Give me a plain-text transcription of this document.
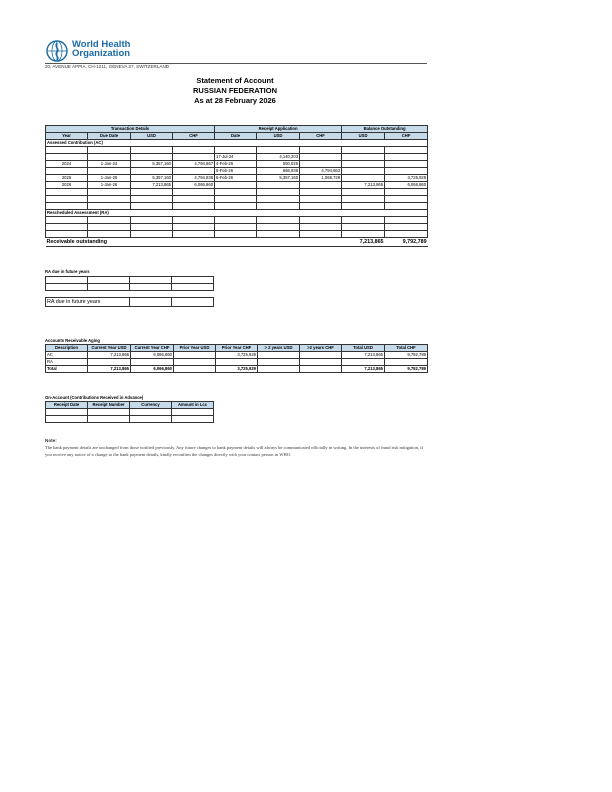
World Health
Organization
20, AVENUE APPIA, CH-1211, GENEVA 27, SWITZERLAND
Statement of Account
RUSSIAN FEDERATION
As at 28 February 2026
Transaction Details				Receipt Application			Balance Outstanding	
Year	Due Date	USD	CHF	Date	USD	CHF	USD	CHF
Assessed Contribution (AC)								

				17-Jul-24	4,140,203			
2024	1-Jan-24	5,357,160	4,794,667	4-Feb-26	550,026			
				5-Feb-26	666,936	4,794,663		
2025	1-Jan-25	5,357,160	4,794,838	6-Feb-26	5,357,160	1,068,729		3,725,929
2026	1-Jan-26	7,213,865	6,066,860				7,213,865	6,066,860

Rescheduled Assessment (RA)								

Receivable outstanding							7,213,865	9,792,789
RA due in future years

RA due in future years		
Accounts Receivable Aging
Description	Current Year USD	Current Year CHF	Prior Year USD	Prior Year CHF	> 2 years USD	>2 years CHF	Total USD	Total CHF
AC	7,213,865	6,066,860		3,725,929			7,213,865	9,792,789
RA								
Total	7,213,865	6,066,860		3,725,929			7,213,865	9,792,789
On-Account (Contributions Received in Advance)
Receipt Date	Receipt Number	Currency	Amount in Lcc

Note:
The bank payment details are unchanged from those notified previously. Any future changes to bank payment details will always be communicated officially in writing. In the interests of fraud risk mitigation, if you receive any notice of a change to the bank payment details, kindly reconfirm the changes directly with your contact person in WHO.
